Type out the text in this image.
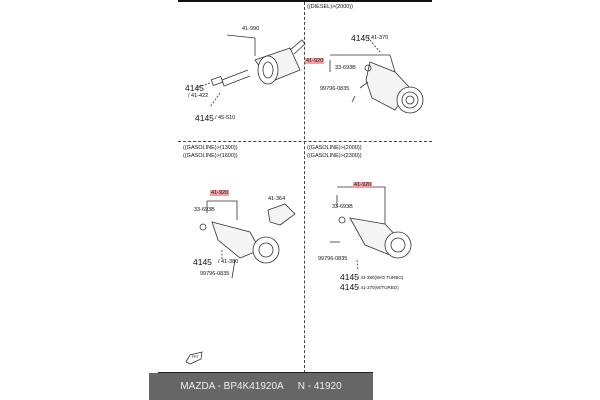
41-990
4145
/ 41-422
4145 / 45-510
((DIESEL)>(2000))
4145
/ 41-370
41-920
33-693B
99796-0835
((GASOLINE)>(1300))
((GASOLINE)>(1600))
41-920
33-693B
41-364
4145 / 41-380
99796-0835
((GASOLINE)>(2000))
((GASOLINE)>(2300))
41-920
33-693B
99796-0835
4145 / 41-380(W/O TURBO)
4145 / 41-370(W/TURBO)
FRT
MAZDA - BP4K41920A N - 41920
